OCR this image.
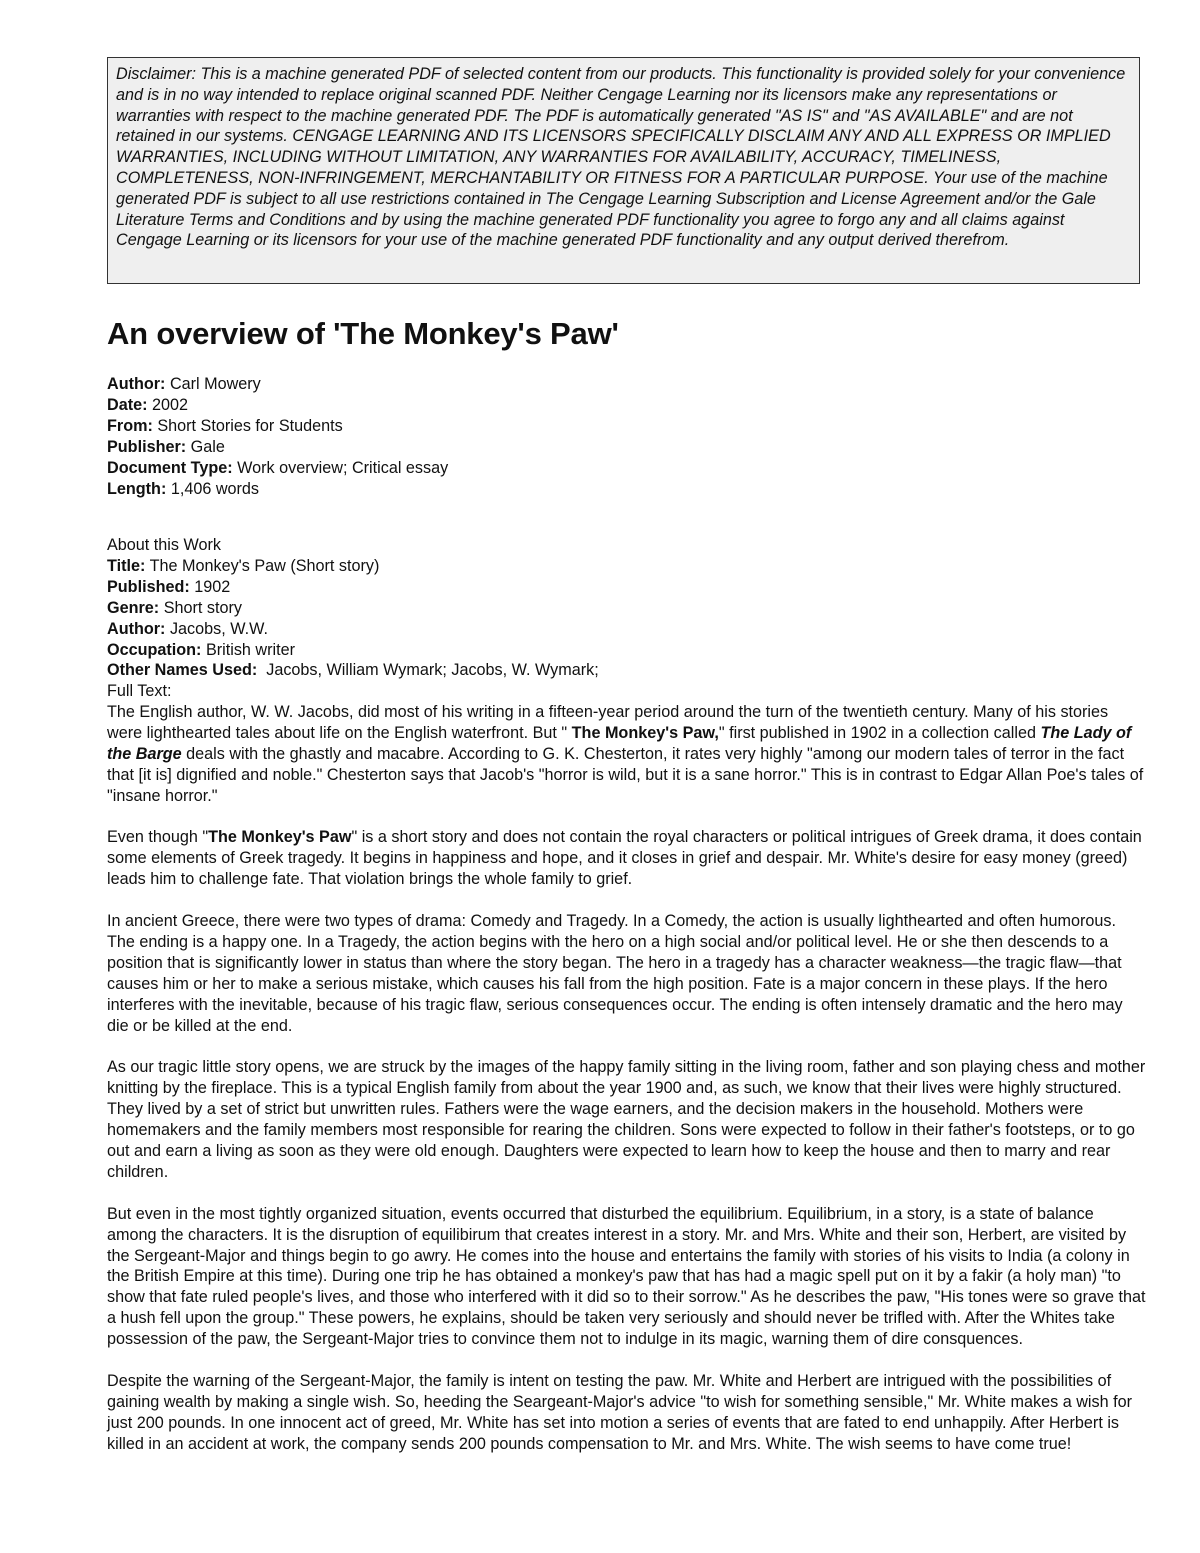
Disclaimer: This is a machine generated PDF of selected content from our products. This functionality is provided solely for your convenience and is in no way intended to replace original scanned PDF. Neither Cengage Learning nor its licensors make any representations or warranties with respect to the machine generated PDF. The PDF is automatically generated "AS IS" and "AS AVAILABLE" and are not retained in our systems. CENGAGE LEARNING AND ITS LICENSORS SPECIFICALLY DISCLAIM ANY AND ALL EXPRESS OR IMPLIED WARRANTIES, INCLUDING WITHOUT LIMITATION, ANY WARRANTIES FOR AVAILABILITY, ACCURACY, TIMELINESS, COMPLETENESS, NON-INFRINGEMENT, MERCHANTABILITY OR FITNESS FOR A PARTICULAR PURPOSE. Your use of the machine generated PDF is subject to all use restrictions contained in The Cengage Learning Subscription and License Agreement and/or the Gale Literature Terms and Conditions and by using the machine generated PDF functionality you agree to forgo any and all claims against Cengage Learning or its licensors for your use of the machine generated PDF functionality and any output derived therefrom.
An overview of 'The Monkey's Paw'
Author: Carl Mowery
Date: 2002
From: Short Stories for Students
Publisher: Gale
Document Type: Work overview; Critical essay
Length: 1,406 words
About this Work
Title: The Monkey's Paw (Short story)
Published: 1902
Genre: Short story
Author: Jacobs, W.W.
Occupation: British writer
Other Names Used: Jacobs, William Wymark; Jacobs, W. Wymark;
Full Text:

The English author, W. W. Jacobs, did most of his writing in a fifteen-year period around the turn of the twentieth century. Many of his stories were lighthearted tales about life on the English waterfront. But " The Monkey's Paw," first published in 1902 in a collection called The Lady of the Barge deals with the ghastly and macabre. According to G. K. Chesterton, it rates very highly "among our modern tales of terror in the fact that [it is] dignified and noble." Chesterton says that Jacob's "horror is wild, but it is a sane horror." This is in contrast to Edgar Allan Poe's tales of "insane horror."

Even though "The Monkey's Paw" is a short story and does not contain the royal characters or political intrigues of Greek drama, it does contain some elements of Greek tragedy. It begins in happiness and hope, and it closes in grief and despair. Mr. White's desire for easy money (greed) leads him to challenge fate. That violation brings the whole family to grief.

In ancient Greece, there were two types of drama: Comedy and Tragedy. In a Comedy, the action is usually lighthearted and often humorous. The ending is a happy one. In a Tragedy, the action begins with the hero on a high social and/or political level. He or she then descends to a position that is significantly lower in status than where the story began. The hero in a tragedy has a character weakness—the tragic flaw—that causes him or her to make a serious mistake, which causes his fall from the high position. Fate is a major concern in these plays. If the hero interferes with the inevitable, because of his tragic flaw, serious consequences occur. The ending is often intensely dramatic and the hero may die or be killed at the end.

As our tragic little story opens, we are struck by the images of the happy family sitting in the living room, father and son playing chess and mother knitting by the fireplace. This is a typical English family from about the year 1900 and, as such, we know that their lives were highly structured. They lived by a set of strict but unwritten rules. Fathers were the wage earners, and the decision makers in the household. Mothers were homemakers and the family members most responsible for rearing the children. Sons were expected to follow in their father's footsteps, or to go out and earn a living as soon as they were old enough. Daughters were expected to learn how to keep the house and then to marry and rear children.

But even in the most tightly organized situation, events occurred that disturbed the equilibrium. Equilibrium, in a story, is a state of balance among the characters. It is the disruption of equilibirum that creates interest in a story. Mr. and Mrs. White and their son, Herbert, are visited by the Sergeant-Major and things begin to go awry. He comes into the house and entertains the family with stories of his visits to India (a colony in the British Empire at this time). During one trip he has obtained a monkey's paw that has had a magic spell put on it by a fakir (a holy man) "to show that fate ruled people's lives, and those who interfered with it did so to their sorrow." As he describes the paw, "His tones were so grave that a hush fell upon the group." These powers, he explains, should be taken very seriously and should never be trifled with. After the Whites take possession of the paw, the Sergeant-Major tries to convince them not to indulge in its magic, warning them of dire consquences.

Despite the warning of the Sergeant-Major, the family is intent on testing the paw. Mr. White and Herbert are intrigued with the possibilities of gaining wealth by making a single wish. So, heeding the Seargeant-Major's advice "to wish for something sensible," Mr. White makes a wish for just 200 pounds. In one innocent act of greed, Mr. White has set into motion a series of events that are fated to end unhappily. After Herbert is killed in an accident at work, the company sends 200 pounds compensation to Mr. and Mrs. White. The wish seems to have come true!
